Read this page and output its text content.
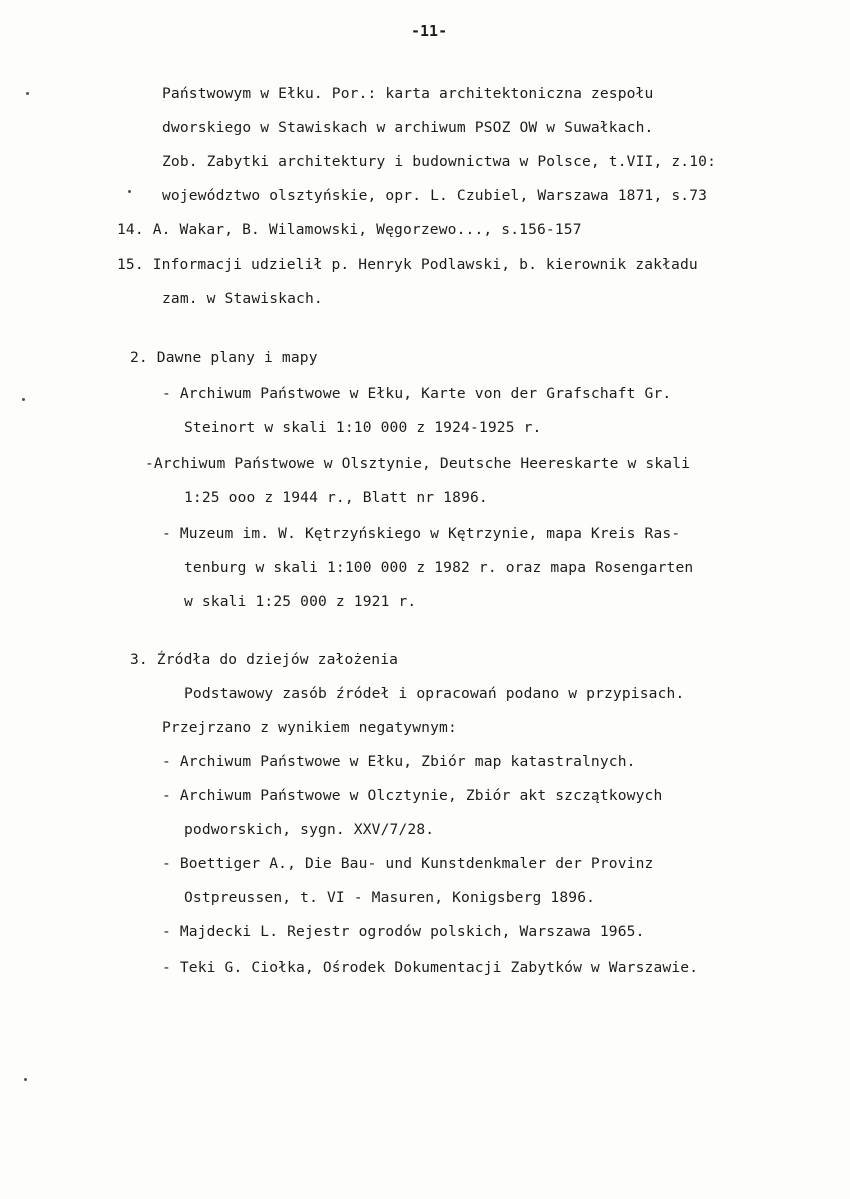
-11-
Państwowym w Ełku. Por.: karta architektoniczna zespołu
dworskiego w Stawiskach w archiwum PSOZ OW w Suwałkach.
Zob. Zabytki architektury i budownictwa w Polsce, t.VII, z.10:
województwo olsztyńskie, opr. L. Czubiel, Warszawa 1871, s.73
14. A. Wakar, B. Wilamowski, Węgorzewo..., s.156-157
15. Informacji udzielił p. Henryk Podlawski, b. kierownik zakładu
zam. w Stawiskach.
2. Dawne plany i mapy
- Archiwum Państwowe w Ełku, Karte von der Grafschaft Gr.
Steinort w skali 1:10 000 z 1924-1925 r.
-Archiwum Państwowe w Olsztynie, Deutsche Heereskarte w skali
1:25 ooo z 1944 r., Blatt nr 1896.
- Muzeum im. W. Kętrzyńskiego w Kętrzynie, mapa Kreis Ras-
tenburg w skali 1:100 000 z 1982 r. oraz mapa Rosengarten
w skali 1:25 000 z 1921 r.
3. Źródła do dziejów założenia
Podstawowy zasób źródeł i opracowań podano w przypisach.
Przejrzano z wynikiem negatywnym:
- Archiwum Państwowe w Ełku, Zbiór map katastralnych.
- Archiwum Państwowe w Olcztynie, Zbiór akt szczątkowych
podworskich, sygn. XXV/7/28.
- Boettiger A., Die Bau- und Kunstdenkmaler der Provinz
Ostpreussen, t. VI - Masuren, Konigsberg 1896.
- Majdecki L. Rejestr ogrodów polskich, Warszawa 1965.
- Teki G. Ciołka, Ośrodek Dokumentacji Zabytków w Warszawie.
